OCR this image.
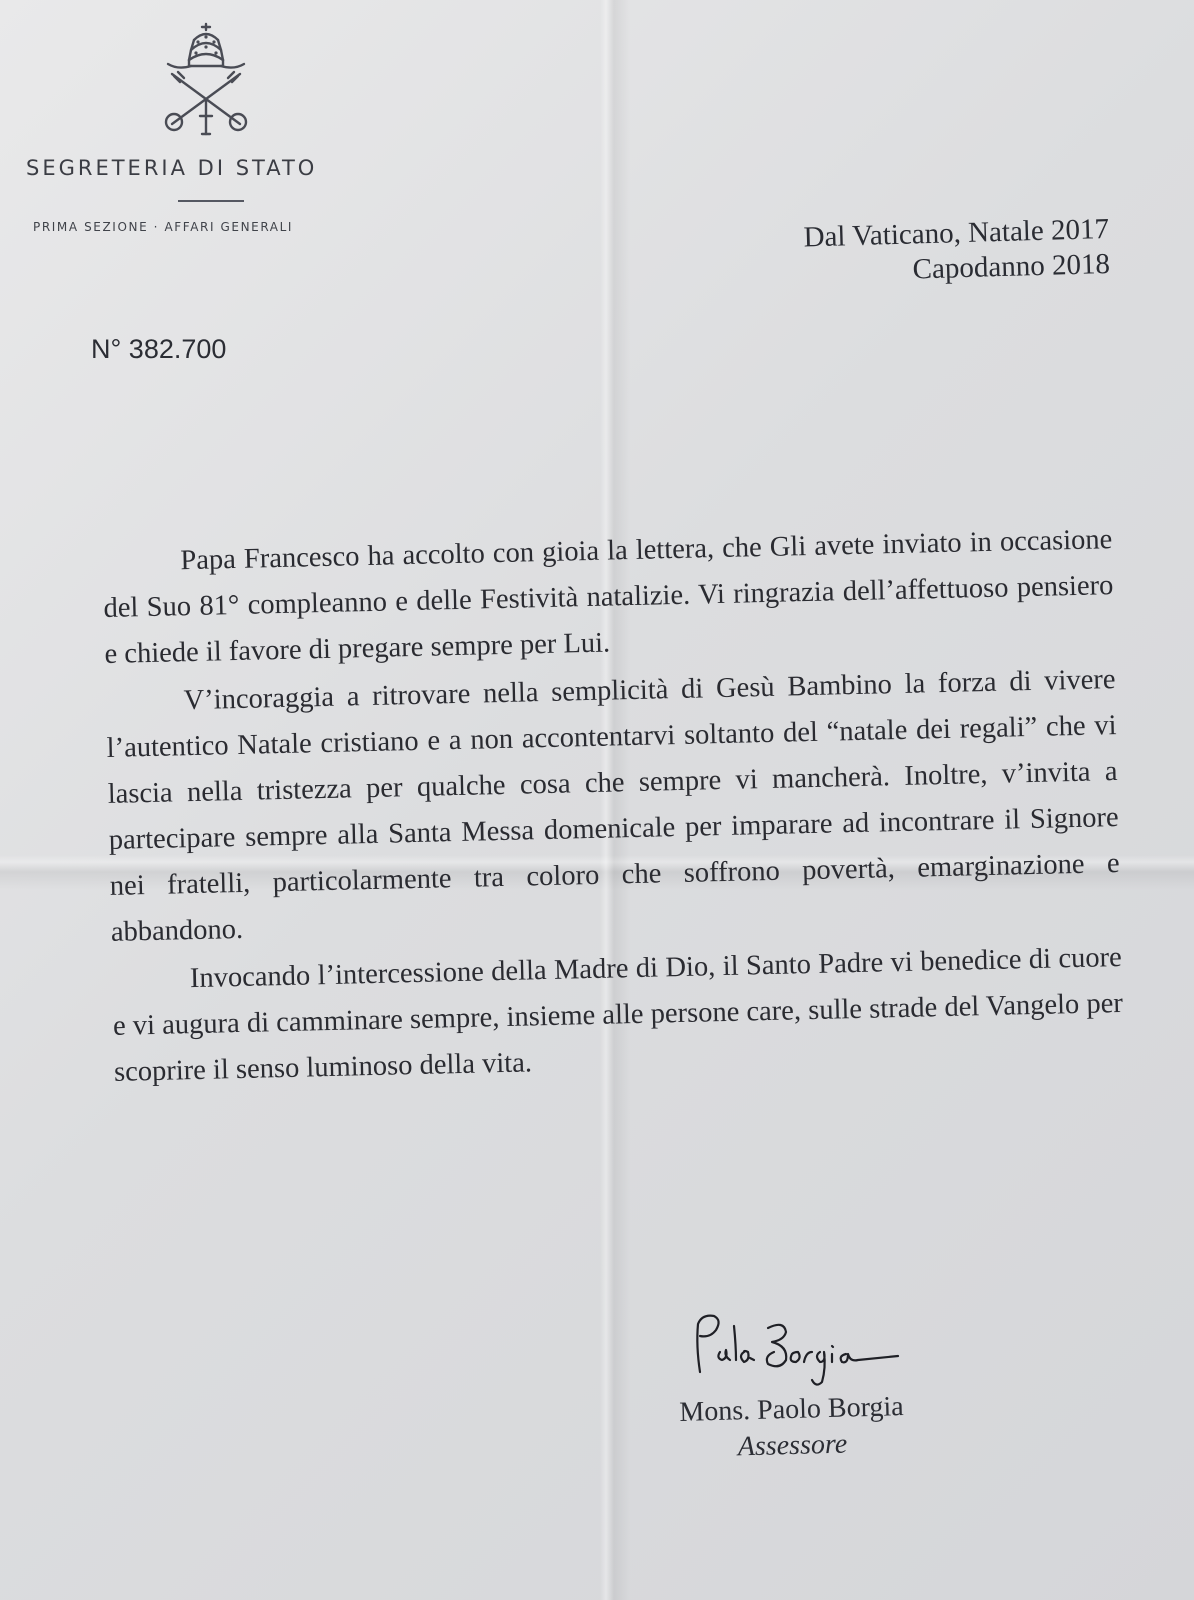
SEGRETERIA DI STATO
PRIMA SEZIONE · AFFARI GENERALI	Dal Vaticano, Natale 2017
Capodanno 2018
N° 382.700

Papa Francesco ha accolto con gioia la lettera, che Gli avete inviato in occasione del Suo 81° compleanno e delle Festività natalizie. Vi ringrazia dell’affettuoso pensiero e chiede il favore di pregare sempre per Lui.

V’incoraggia a ritrovare nella semplicità di Gesù Bambino la forza di vivere l’autentico Natale cristiano e a non accontentarvi soltanto del “natale dei regali” che vi lascia nella tristezza per qualche cosa che sempre vi mancherà. Inoltre, v’invita a partecipare sempre alla Santa Messa domenicale per imparare ad incontrare il Signore nei fratelli, particolarmente tra coloro che soffrono povertà, emarginazione e abbandono.

Invocando l’intercessione della Madre di Dio, il Santo Padre vi benedice di cuore e vi augura di camminare sempre, insieme alle persone care, sulle strade del Vangelo per scoprire il senso luminoso della vita.

Mons. Paolo Borgia
Assessore
